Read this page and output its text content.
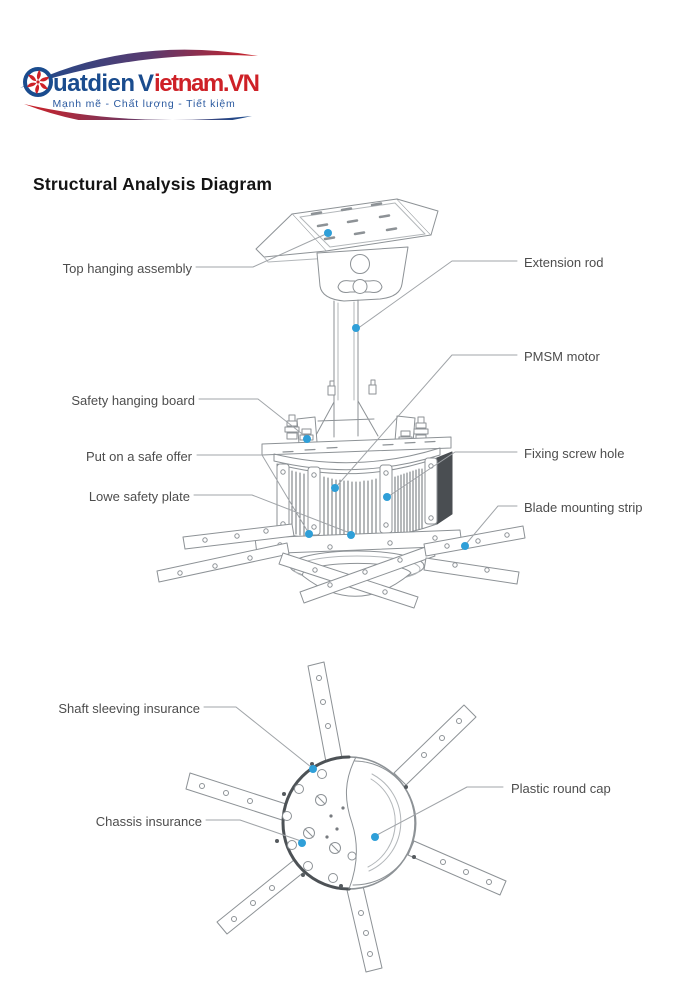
uatdien V ietnam.VN
Mạnh mẽ - Chất lượng - Tiết kiệm
Structural Analysis Diagram
Top hanging assembly	Extension rod
PMSM motor
Safety hanging board
Put on a safe offer	Fixing screw hole
Lowe safety plate
Blade mounting strip
Shaft sleeving insurance
Plastic round cap
Chassis insurance
